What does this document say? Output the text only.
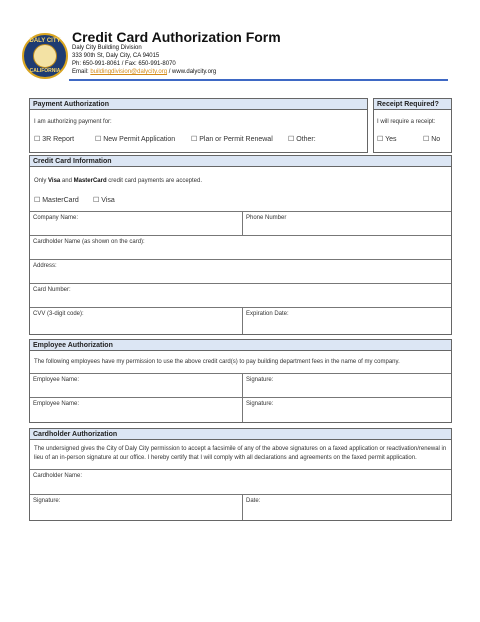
DALY CITY
CALIFORNIA
Credit Card Authorization Form
Daly City Building Division
333 90th St, Daly City, CA 94015
Ph: 650-991-8061 / Fax: 650-991-8070
Email: buildingdivision@dalycity.org / www.dalycity.org
Payment Authorization
I am authorizing payment for:
☐ 3R Report	☐ New Permit Application ☐ Plan or Permit Renewal ☐ Other:
Receipt Required?
I will require a receipt:
☐ Yes	☐ No
Credit Card Information
Only Visa and MasterCard credit card payments are accepted.
☐ MasterCard ☐ Visa
Company Name:	Phone Number
Cardholder Name (as shown on the card):
Address:
Card Number:
CVV (3-digit code):	Expiration Date:
Employee Authorization
The following employees have my permission to use the above credit card(s) to pay building department fees in the name of my company.
Employee Name:	Signature:
Employee Name:	Signature:
Cardholder Authorization
The undersigned gives the City of Daly City permission to accept a facsimile of any of the above signatures on a faxed application or reactivation/renewal in
lieu of an in-person signature at our office. I hereby certify that I will comply with all declarations and agreements on the faxed permit application.
Cardholder Name:
Signature:	Date:
